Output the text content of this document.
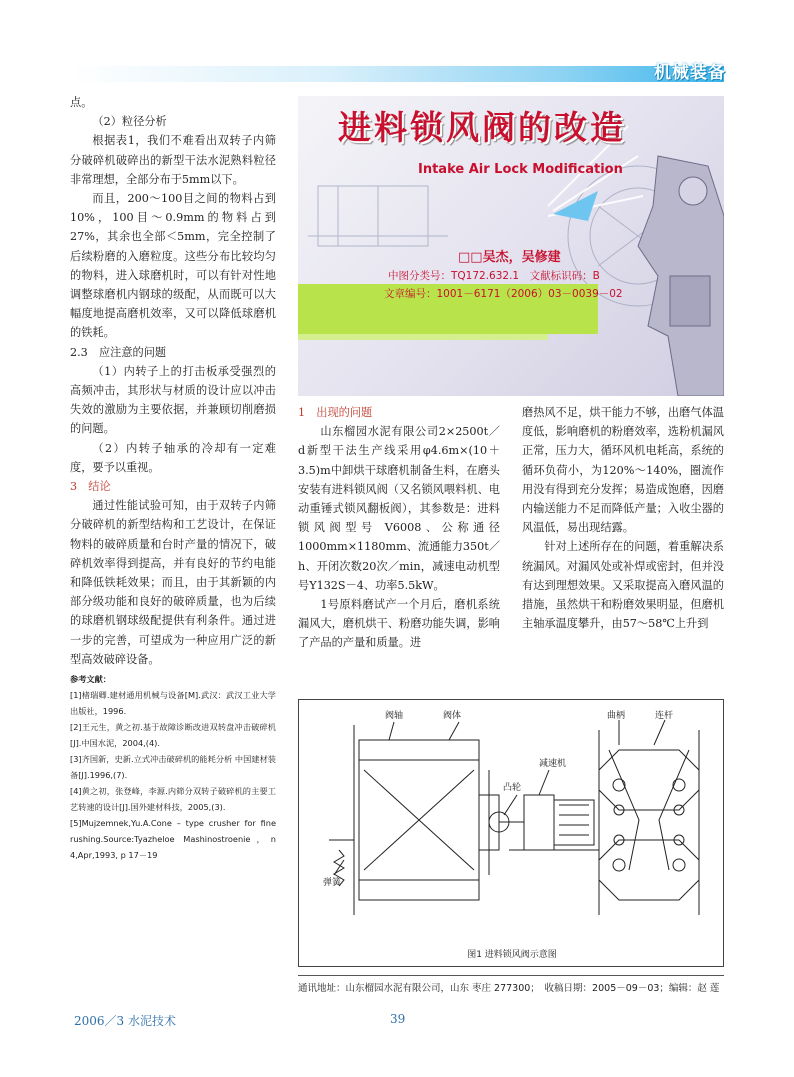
机械装备

点。

（2）粒径分析

根据表1，我们不难看出双转子内筛分破碎机破碎出的新型干法水泥熟料粒径非常理想，全部分布于5mm以下。

而且，200～100目之间的物料占到10%，100目～0.9mm的物料占到27%，其余也全部＜5mm，完全控制了后续粉磨的入磨粒度。这些分布比较均匀的物料，进入球磨机时，可以有针对性地调整球磨机内钢球的级配，从而既可以大幅度地提高磨机效率，又可以降低球磨机的铁耗。

2.3　应注意的问题

（1）内转子上的打击板承受强烈的高频冲击，其形状与材质的设计应以冲击失效的激励为主要依据，并兼顾切削磨损的问题。

（2）内转子轴承的冷却有一定难度，要予以重视。

3　结论

通过性能试验可知，由于双转子内筛分破碎机的新型结构和工艺设计，在保证物料的破碎质量和台时产量的情况下，破碎机效率得到提高，并有良好的节约电能和降低铁耗效果；而且，由于其新颖的内部分级功能和良好的破碎质量，也为后续的球磨机钢球级配提供有利条件。通过进一步的完善，可望成为一种应用广泛的新型高效破碎设备。

参考文献：
[1]楮瑞卿.建材通用机械与设备[M].武汉：武汉工业大学出版社，1996.
[2]王元生，黄之初.基于故障诊断改进双转盘冲击破碎机[J].中国水泥，2004,(4).
[3]齐国新，史新.立式冲击破碎机的能耗分析 中国建材装备[J].1996,(7).
[4]黄之初，张登峰，李源.内筛分双转子破碎机的主要工艺转速的设计[J].国外建材科技，2005,(3).
[5]Mujzemnek,Yu.A.Cone – type crusher for fine rushing.Source:Tyazheloe Mashinostroenie，n 4,Apr,1993, p 17－19
进料锁风阀的改造
Intake Air Lock Modification
□□吴杰，吴修建
中图分类号：TQ172.632.1　文献标识码：B
文章编号：1001－6171（2006）03－0039－02

1　出现的问题

山东榴园水泥有限公司2×2500t／d新型干法生产线采用φ4.6m×(10＋3.5)m中卸烘干球磨机制备生料，在磨头安装有进料锁风阀（又名锁风喂料机、电动重锤式锁风翻板阀），其参数是：进料锁风阀型号 V6008、公称通径 1000mm×1180mm、流通能力350t／h、开闭次数20次／min，减速电动机型号Y132S－4、功率5.5kW。

1号原料磨试产一个月后，磨机系统漏风大，磨机烘干、粉磨功能失调，影响了产品的产量和质量。进

磨热风不足，烘干能力不够，出磨气体温度低，影响磨机的粉磨效率，选粉机漏风正常，压力大，循环风机电耗高，系统的循环负荷小，为120%～140%，圈流作用没有得到充分发挥；易造成饱磨，因磨内输送能力不足而降低产量；入收尘器的风温低，易出现结露。

针对上述所存在的问题，着重解决系统漏风。对漏风处或补焊或密封，但并没有达到理想效果。又采取提高入磨风温的措施，虽然烘干和粉磨效果明显，但磨机主轴承温度攀升，由57～58℃上升到

阀轴	阀体
凸轮
减速机
弹簧
曲柄	连杆
图1 进料锁风阀示意图
通讯地址：山东榴园水泥有限公司，山东 枣庄 277300；　收稿日期：2005－09－03；编辑：赵 莲
2006／3 水泥技术	39
